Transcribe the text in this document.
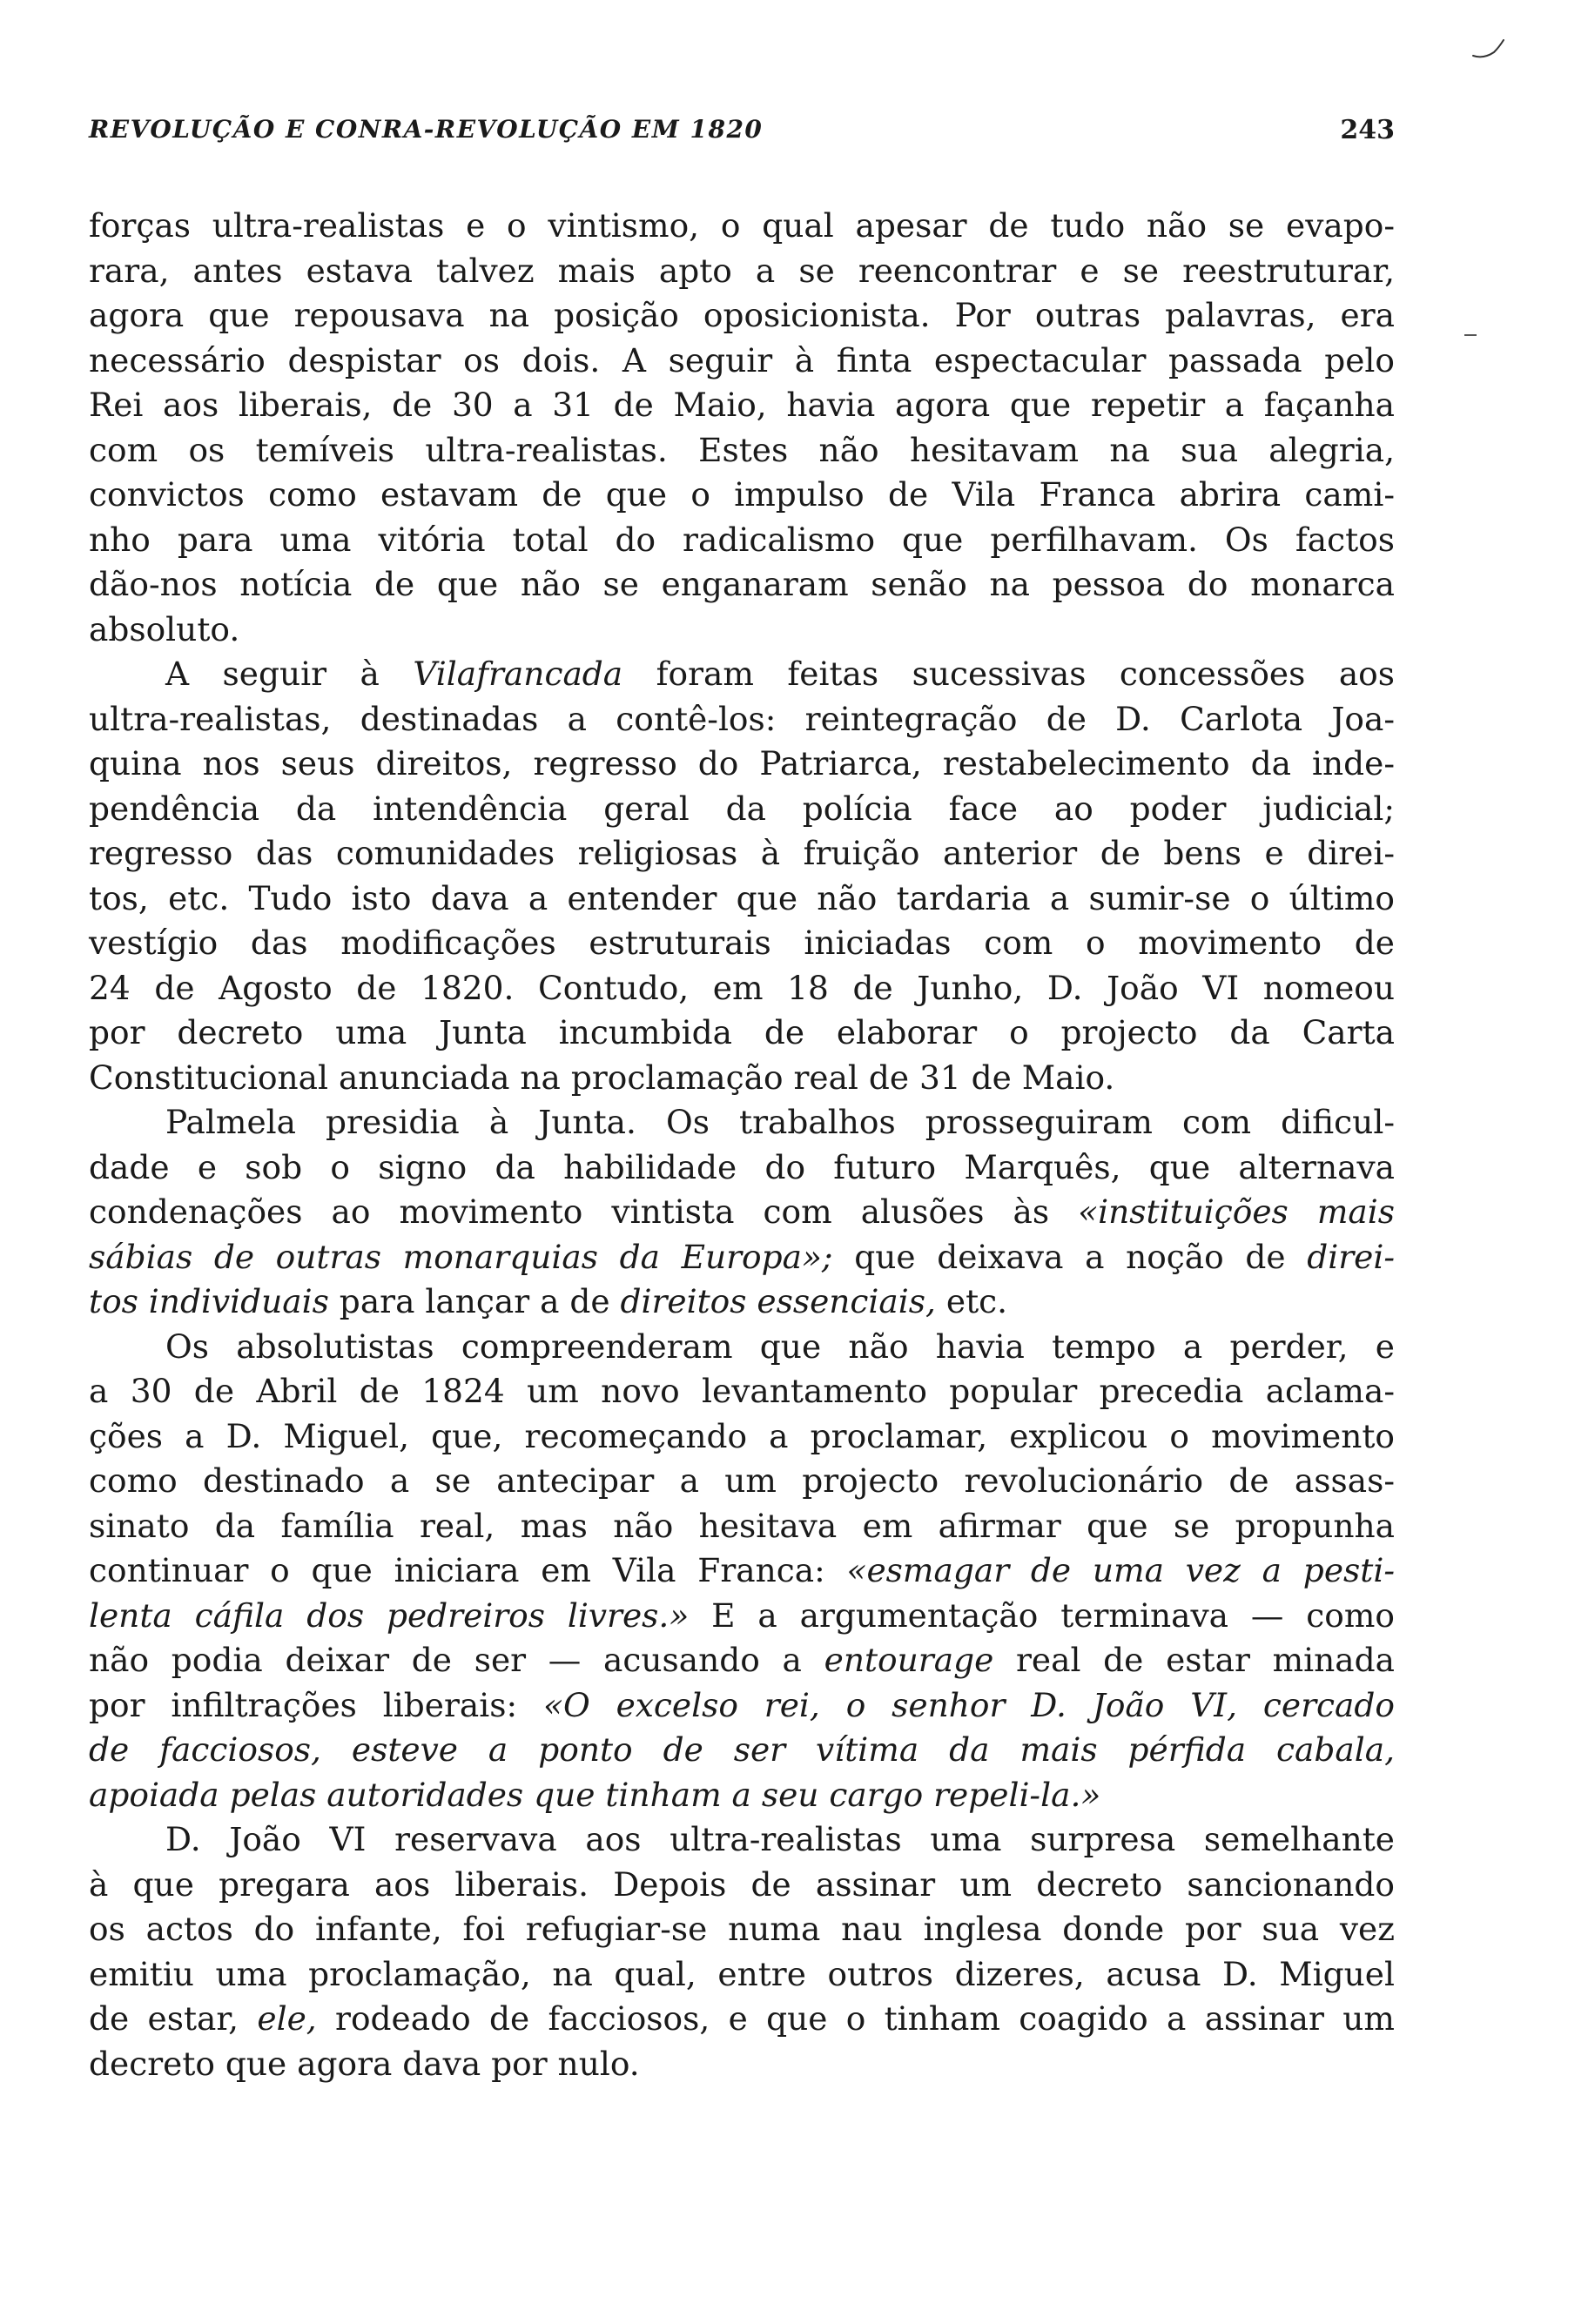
REVOLUÇÃO E CONRA-REVOLUÇÃO EM 1820	243
forças ultra-realistas e o vintismo, o qual apesar de tudo não se evapo-
rara, antes estava talvez mais apto a se reencontrar e se reestruturar,
agora que repousava na posição oposicionista. Por outras palavras, era
necessário despistar os dois. A seguir à finta espectacular passada pelo
Rei aos liberais, de 30 a 31 de Maio, havia agora que repetir a façanha
com os temíveis ultra-realistas. Estes não hesitavam na sua alegria,
convictos como estavam de que o impulso de Vila Franca abrira cami-
nho para uma vitória total do radicalismo que perfilhavam. Os factos
dão-nos notícia de que não se enganaram senão na pessoa do monarca
absoluto.
A seguir à Vilafrancada foram feitas sucessivas concessões aos
ultra-realistas, destinadas a contê-los: reintegração de D. Carlota Joa-
quina nos seus direitos, regresso do Patriarca, restabelecimento da inde-
pendência da intendência geral da polícia face ao poder judicial;
regresso das comunidades religiosas à fruição anterior de bens e direi-
tos, etc. Tudo isto dava a entender que não tardaria a sumir-se o último
vestígio das modificações estruturais iniciadas com o movimento de
24 de Agosto de 1820. Contudo, em 18 de Junho, D. João VI nomeou
por decreto uma Junta incumbida de elaborar o projecto da Carta
Constitucional anunciada na proclamação real de 31 de Maio.
Palmela presidia à Junta. Os trabalhos prosseguiram com dificul-
dade e sob o signo da habilidade do futuro Marquês, que alternava
condenações ao movimento vintista com alusões às «instituições mais
sábias de outras monarquias da Europa»; que deixava a noção de direi-
tos individuais para lançar a de direitos essenciais, etc.
Os absolutistas compreenderam que não havia tempo a perder, e
a 30 de Abril de 1824 um novo levantamento popular precedia aclama-
ções a D. Miguel, que, recomeçando a proclamar, explicou o movimento
como destinado a se antecipar a um projecto revolucionário de assas-
sinato da família real, mas não hesitava em afirmar que se propunha
continuar o que iniciara em Vila Franca: «esmagar de uma vez a pesti-
lenta cáfila dos pedreiros livres.» E a argumentação terminava — como
não podia deixar de ser — acusando a entourage real de estar minada
por infiltrações liberais: «O excelso rei, o senhor D. João VI, cercado
de facciosos, esteve a ponto de ser vítima da mais pérfida cabala,
apoiada pelas autoridades que tinham a seu cargo repeli-la.»
D. João VI reservava aos ultra-realistas uma surpresa semelhante
à que pregara aos liberais. Depois de assinar um decreto sancionando
os actos do infante, foi refugiar-se numa nau inglesa donde por sua vez
emitiu uma proclamação, na qual, entre outros dizeres, acusa D. Miguel
de estar, ele, rodeado de facciosos, e que o tinham coagido a assinar um
decreto que agora dava por nulo.
